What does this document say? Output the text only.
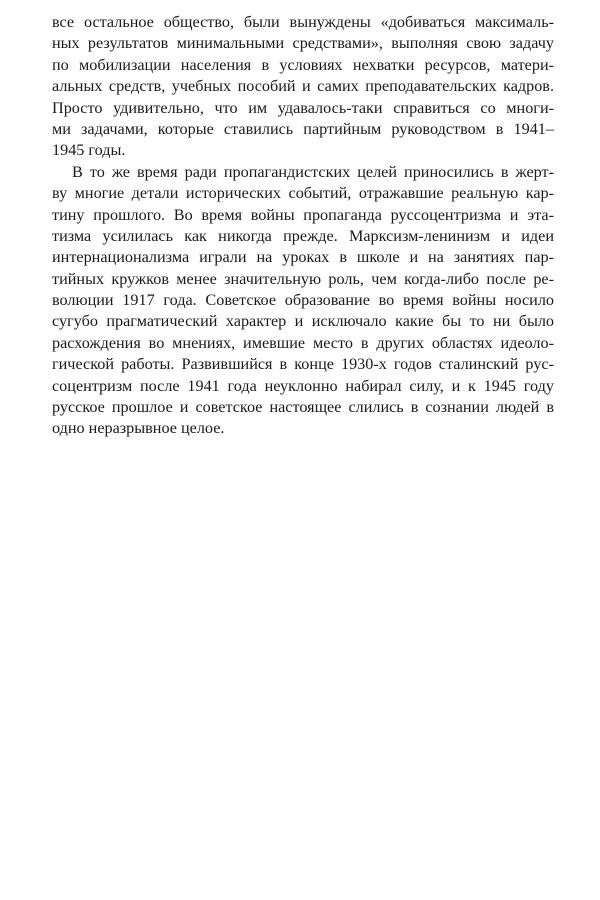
все остальное общество, были вынуждены «добиваться максималь-
ных результатов минимальными средствами», выполняя свою задачу
по мобилизации населения в условиях нехватки ресурсов, матери-
альных средств, учебных пособий и самих преподавательских кадров.
Просто удивительно, что им удавалось-таки справиться со многи-
ми задачами, которые ставились партийным руководством в 1941–
1945 годы.
В то же время ради пропагандистских целей приносились в жерт-
ву многие детали исторических событий, отражавшие реальную кар-
тину прошлого. Во время войны пропаганда руссоцентризма и эта-
тизма усилилась как никогда прежде. Марксизм-ленинизм и идеи
интернационализма играли на уроках в школе и на занятиях пар-
тийных кружков менее значительную роль, чем когда-либо после ре-
волюции 1917 года. Советское образование во время войны носило
сугубо прагматический характер и исключало какие бы то ни было
расхождения во мнениях, имевшие место в других областях идеоло-
гической работы. Развившийся в конце 1930-х годов сталинский рус-
соцентризм после 1941 года неуклонно набирал силу, и к 1945 году
русское прошлое и советское настоящее слились в сознании людей в
одно неразрывное целое.
